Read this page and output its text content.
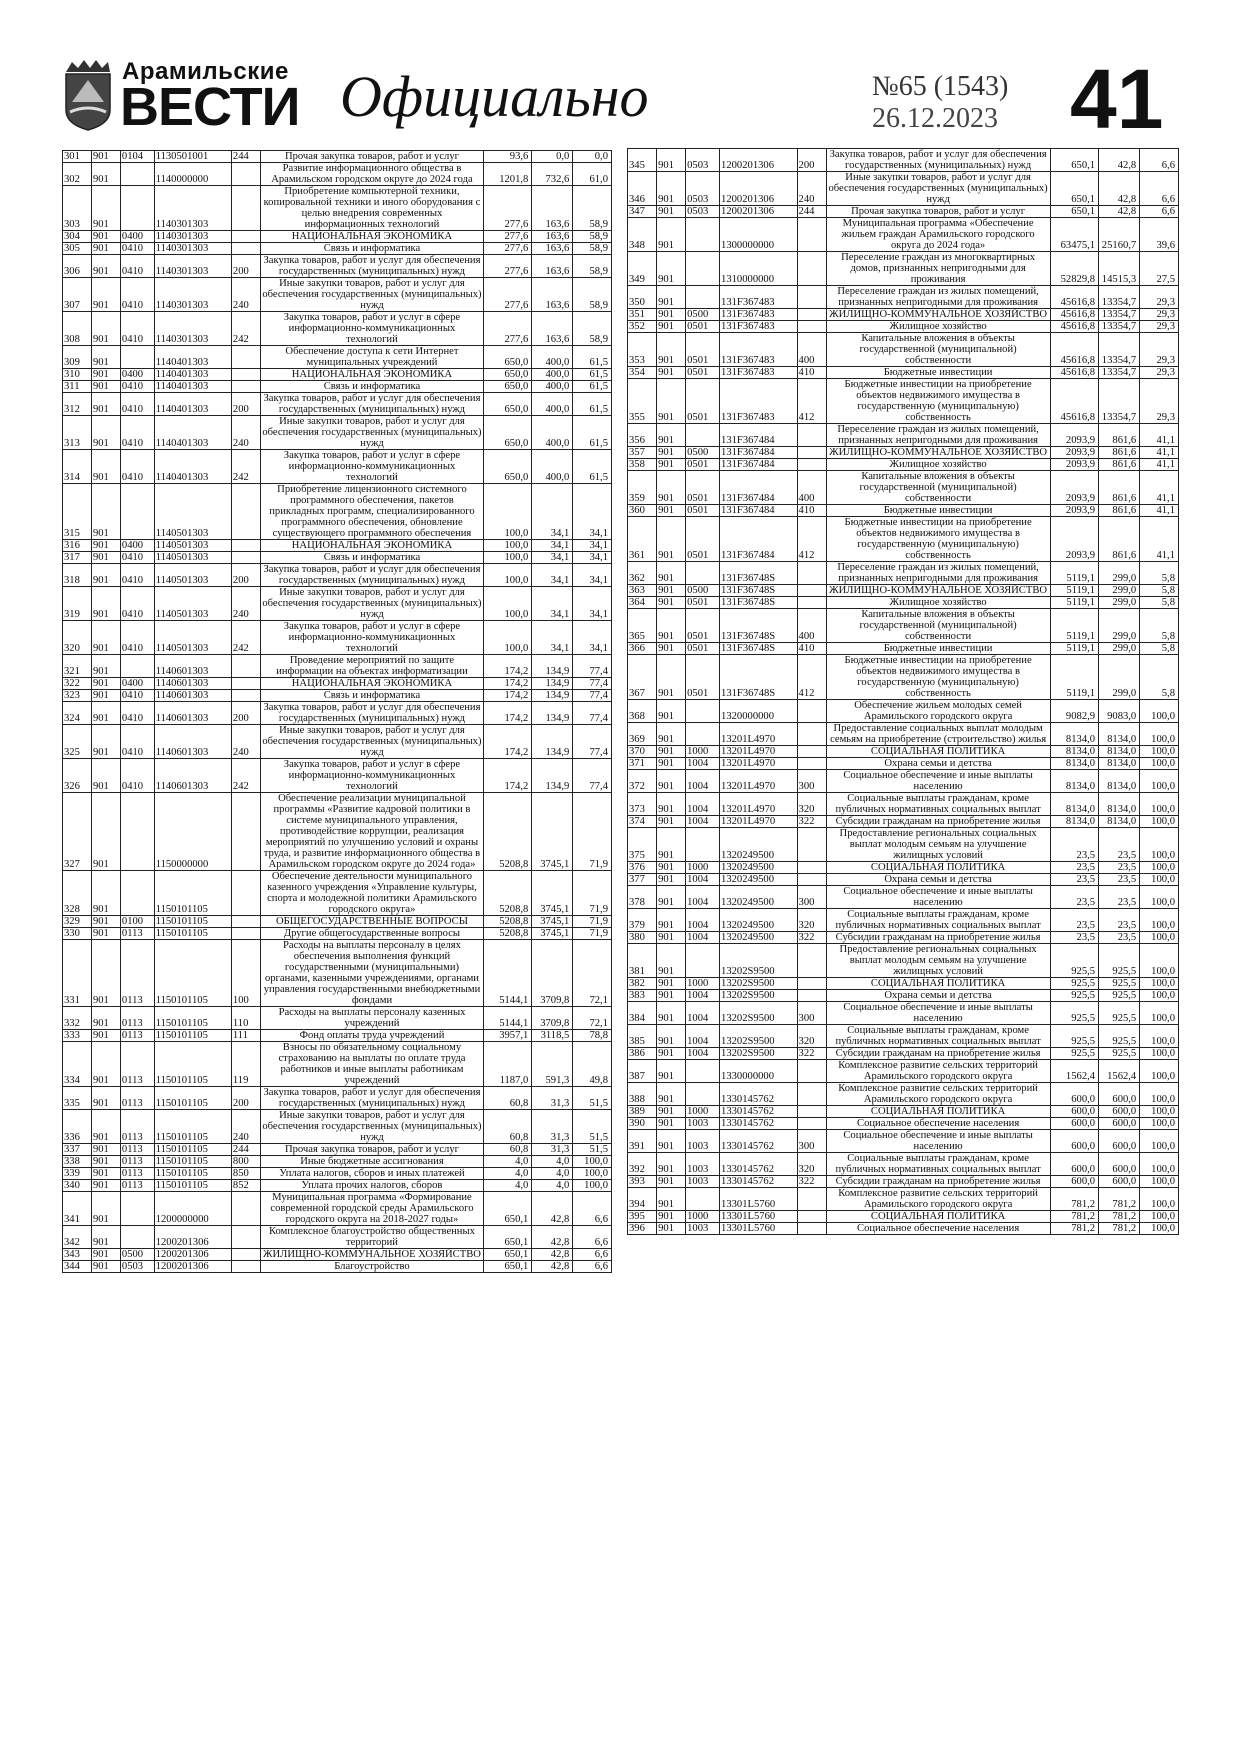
Арамильские
ВЕСТИ Официально	№65 (1543)
26.12.2023 41
301	901	0104	1130501001	244	Прочая закупка товаров, работ и услуг	93,6	0,0	0,0
302	901		1140000000		Развитие информационного общества в Арамильском городском округе до 2024 года	1201,8	732,6	61,0
303	901		1140301303		Приобретение компьютерной техники, копировальной техники и иного оборудования с целью внедрения современных информационных технологий	277,6	163,6	58,9
304	901	0400	1140301303		НАЦИОНАЛЬНАЯ ЭКОНОМИКА	277,6	163,6	58,9
305	901	0410	1140301303		Связь и информатика	277,6	163,6	58,9
306	901	0410	1140301303	200	Закупка товаров, работ и услуг для обеспечения государственных (муниципальных) нужд	277,6	163,6	58,9
307	901	0410	1140301303	240	Иные закупки товаров, работ и услуг для обеспечения государственных (муниципальных) нужд	277,6	163,6	58,9
308	901	0410	1140301303	242	Закупка товаров, работ и услуг в сфере информационно-коммуникационных технологий	277,6	163,6	58,9
309	901		1140401303		Обеспечение доступа к сети Интернет муниципальных учреждений	650,0	400,0	61,5
310	901	0400	1140401303		НАЦИОНАЛЬНАЯ ЭКОНОМИКА	650,0	400,0	61,5
311	901	0410	1140401303		Связь и информатика	650,0	400,0	61,5
312	901	0410	1140401303	200	Закупка товаров, работ и услуг для обеспечения государственных (муниципальных) нужд	650,0	400,0	61,5
313	901	0410	1140401303	240	Иные закупки товаров, работ и услуг для обеспечения государственных (муниципальных) нужд	650,0	400,0	61,5
314	901	0410	1140401303	242	Закупка товаров, работ и услуг в сфере информационно-коммуникационных технологий	650,0	400,0	61,5
315	901		1140501303		Приобретение лицензионного системного программного обеспечения, пакетов прикладных программ, специализированного программного обеспечения, обновление существующего программного обеспечения	100,0	34,1	34,1
316	901	0400	1140501303		НАЦИОНАЛЬНАЯ ЭКОНОМИКА	100,0	34,1	34,1
317	901	0410	1140501303		Связь и информатика	100,0	34,1	34,1
318	901	0410	1140501303	200	Закупка товаров, работ и услуг для обеспечения государственных (муниципальных) нужд	100,0	34,1	34,1
319	901	0410	1140501303	240	Иные закупки товаров, работ и услуг для обеспечения государственных (муниципальных) нужд	100,0	34,1	34,1
320	901	0410	1140501303	242	Закупка товаров, работ и услуг в сфере информационно-коммуникационных технологий	100,0	34,1	34,1
321	901		1140601303		Проведение мероприятий по защите информации на объектах информатизации	174,2	134,9	77,4
322	901	0400	1140601303		НАЦИОНАЛЬНАЯ ЭКОНОМИКА	174,2	134,9	77,4
323	901	0410	1140601303		Связь и информатика	174,2	134,9	77,4
324	901	0410	1140601303	200	Закупка товаров, работ и услуг для обеспечения государственных (муниципальных) нужд	174,2	134,9	77,4
325	901	0410	1140601303	240	Иные закупки товаров, работ и услуг для обеспечения государственных (муниципальных) нужд	174,2	134,9	77,4
326	901	0410	1140601303	242	Закупка товаров, работ и услуг в сфере информационно-коммуникационных технологий	174,2	134,9	77,4
327	901		1150000000		Обеспечение реализации муниципальной программы «Развитие кадровой политики в системе муниципального управления, противодействие коррупции, реализация мероприятий по улучшению условий и охраны труда, и развитие информационного общества в Арамильском городском округе до 2024 года»	5208,8	3745,1	71,9
328	901		1150101105		Обеспечение деятельности муниципального казенного учреждения «Управление культуры, спорта и молодежной политики Арамильского городского округа»	5208,8	3745,1	71,9
329	901	0100	1150101105		ОБЩЕГОСУДАРСТВЕННЫЕ ВОПРОСЫ	5208,8	3745,1	71,9
330	901	0113	1150101105		Другие общегосударственные вопросы	5208,8	3745,1	71,9
331	901	0113	1150101105	100	Расходы на выплаты персоналу в целях обеспечения выполнения функций государственными (муниципальными) органами, казенными учреждениями, органами управления государственными внебюджетными фондами	5144,1	3709,8	72,1
332	901	0113	1150101105	110	Расходы на выплаты персоналу казенных учреждений	5144,1	3709,8	72,1
333	901	0113	1150101105	111	Фонд оплаты труда учреждений	3957,1	3118,5	78,8
334	901	0113	1150101105	119	Взносы по обязательному социальному страхованию на выплаты по оплате труда работников и иные выплаты работникам учреждений	1187,0	591,3	49,8
335	901	0113	1150101105	200	Закупка товаров, работ и услуг для обеспечения государственных (муниципальных) нужд	60,8	31,3	51,5
336	901	0113	1150101105	240	Иные закупки товаров, работ и услуг для обеспечения государственных (муниципальных) нужд	60,8	31,3	51,5
337	901	0113	1150101105	244	Прочая закупка товаров, работ и услуг	60,8	31,3	51,5
338	901	0113	1150101105	800	Иные бюджетные ассигнования	4,0	4,0	100,0
339	901	0113	1150101105	850	Уплата налогов, сборов и иных платежей	4,0	4,0	100,0
340	901	0113	1150101105	852	Уплата прочих налогов, сборов	4,0	4,0	100,0
341	901		1200000000		Муниципальная программа «Формирование современной городской среды Арамильского городского округа на 2018-2027 годы»	650,1	42,8	6,6
342	901		1200201306		Комплексное благоустройство общественных территорий	650,1	42,8	6,6
343	901	0500	1200201306		ЖИЛИЩНО-КОММУНАЛЬНОЕ ХОЗЯЙСТВО	650,1	42,8	6,6
344	901	0503	1200201306		Благоустройство	650,1	42,8	6,6
345	901	0503	1200201306	200	Закупка товаров, работ и услуг для обеспечения государственных (муниципальных) нужд	650,1	42,8	6,6
346	901	0503	1200201306	240	Иные закупки товаров, работ и услуг для обеспечения государственных (муниципальных) нужд	650,1	42,8	6,6
347	901	0503	1200201306	244	Прочая закупка товаров, работ и услуг	650,1	42,8	6,6
348	901		1300000000		Муниципальная программа «Обеспечение жильем граждан Арамильского городского округа до 2024 года»	63475,1	25160,7	39,6
349	901		1310000000		Переселение граждан из многоквартирных домов, признанных непригодными для проживания	52829,8	14515,3	27,5
350	901		131F367483		Переселение граждан из жилых помещений, признанных непригодными для проживания	45616,8	13354,7	29,3
351	901	0500	131F367483		ЖИЛИЩНО-КОММУНАЛЬНОЕ ХОЗЯЙСТВО	45616,8	13354,7	29,3
352	901	0501	131F367483		Жилищное хозяйство	45616,8	13354,7	29,3
353	901	0501	131F367483	400	Капитальные вложения в объекты государственной (муниципальной) собственности	45616,8	13354,7	29,3
354	901	0501	131F367483	410	Бюджетные инвестиции	45616,8	13354,7	29,3
355	901	0501	131F367483	412	Бюджетные инвестиции на приобретение объектов недвижимого имущества в государственную (муниципальную) собственность	45616,8	13354,7	29,3
356	901		131F367484		Переселение граждан из жилых помещений, признанных непригодными для проживания	2093,9	861,6	41,1
357	901	0500	131F367484		ЖИЛИЩНО-КОММУНАЛЬНОЕ ХОЗЯЙСТВО	2093,9	861,6	41,1
358	901	0501	131F367484		Жилищное хозяйство	2093,9	861,6	41,1
359	901	0501	131F367484	400	Капитальные вложения в объекты государственной (муниципальной) собственности	2093,9	861,6	41,1
360	901	0501	131F367484	410	Бюджетные инвестиции	2093,9	861,6	41,1
361	901	0501	131F367484	412	Бюджетные инвестиции на приобретение объектов недвижимого имущества в государственную (муниципальную) собственность	2093,9	861,6	41,1
362	901		131F36748S		Переселение граждан из жилых помещений, признанных непригодными для проживания	5119,1	299,0	5,8
363	901	0500	131F36748S		ЖИЛИЩНО-КОММУНАЛЬНОЕ ХОЗЯЙСТВО	5119,1	299,0	5,8
364	901	0501	131F36748S		Жилищное хозяйство	5119,1	299,0	5,8
365	901	0501	131F36748S	400	Капитальные вложения в объекты государственной (муниципальной) собственности	5119,1	299,0	5,8
366	901	0501	131F36748S	410	Бюджетные инвестиции	5119,1	299,0	5,8
367	901	0501	131F36748S	412	Бюджетные инвестиции на приобретение объектов недвижимого имущества в государственную (муниципальную) собственность	5119,1	299,0	5,8
368	901		1320000000		Обеспечение жильем молодых семей Арамильского городского округа	9082,9	9083,0	100,0
369	901		13201L4970		Предоставление социальных выплат молодым семьям на приобретение (строительство) жилья	8134,0	8134,0	100,0
370	901	1000	13201L4970		СОЦИАЛЬНАЯ ПОЛИТИКА	8134,0	8134,0	100,0
371	901	1004	13201L4970		Охрана семьи и детства	8134,0	8134,0	100,0
372	901	1004	13201L4970	300	Социальное обеспечение и иные выплаты населению	8134,0	8134,0	100,0
373	901	1004	13201L4970	320	Социальные выплаты гражданам, кроме публичных нормативных социальных выплат	8134,0	8134,0	100,0
374	901	1004	13201L4970	322	Субсидии гражданам на приобретение жилья	8134,0	8134,0	100,0
375	901		1320249500		Предоставление региональных социальных выплат молодым семьям на улучшение жилищных условий	23,5	23,5	100,0
376	901	1000	1320249500		СОЦИАЛЬНАЯ ПОЛИТИКА	23,5	23,5	100,0
377	901	1004	1320249500		Охрана семьи и детства	23,5	23,5	100,0
378	901	1004	1320249500	300	Социальное обеспечение и иные выплаты населению	23,5	23,5	100,0
379	901	1004	1320249500	320	Социальные выплаты гражданам, кроме публичных нормативных социальных выплат	23,5	23,5	100,0
380	901	1004	1320249500	322	Субсидии гражданам на приобретение жилья	23,5	23,5	100,0
381	901		13202S9500		Предоставление региональных социальных выплат молодым семьям на улучшение жилищных условий	925,5	925,5	100,0
382	901	1000	13202S9500		СОЦИАЛЬНАЯ ПОЛИТИКА	925,5	925,5	100,0
383	901	1004	13202S9500		Охрана семьи и детства	925,5	925,5	100,0
384	901	1004	13202S9500	300	Социальное обеспечение и иные выплаты населению	925,5	925,5	100,0
385	901	1004	13202S9500	320	Социальные выплаты гражданам, кроме публичных нормативных социальных выплат	925,5	925,5	100,0
386	901	1004	13202S9500	322	Субсидии гражданам на приобретение жилья	925,5	925,5	100,0
387	901		1330000000		Комплексное развитие сельских территорий Арамильского городского округа	1562,4	1562,4	100,0
388	901		1330145762		Комплексное развитие сельских территорий Арамильского городского округа	600,0	600,0	100,0
389	901	1000	1330145762		СОЦИАЛЬНАЯ ПОЛИТИКА	600,0	600,0	100,0
390	901	1003	1330145762		Социальное обеспечение населения	600,0	600,0	100,0
391	901	1003	1330145762	300	Социальное обеспечение и иные выплаты населению	600,0	600,0	100,0
392	901	1003	1330145762	320	Социальные выплаты гражданам, кроме публичных нормативных социальных выплат	600,0	600,0	100,0
393	901	1003	1330145762	322	Субсидии гражданам на приобретение жилья	600,0	600,0	100,0
394	901		13301L5760		Комплексное развитие сельских территорий Арамильского городского округа	781,2	781,2	100,0
395	901	1000	13301L5760		СОЦИАЛЬНАЯ ПОЛИТИКА	781,2	781,2	100,0
396	901	1003	13301L5760		Социальное обеспечение населения	781,2	781,2	100,0
